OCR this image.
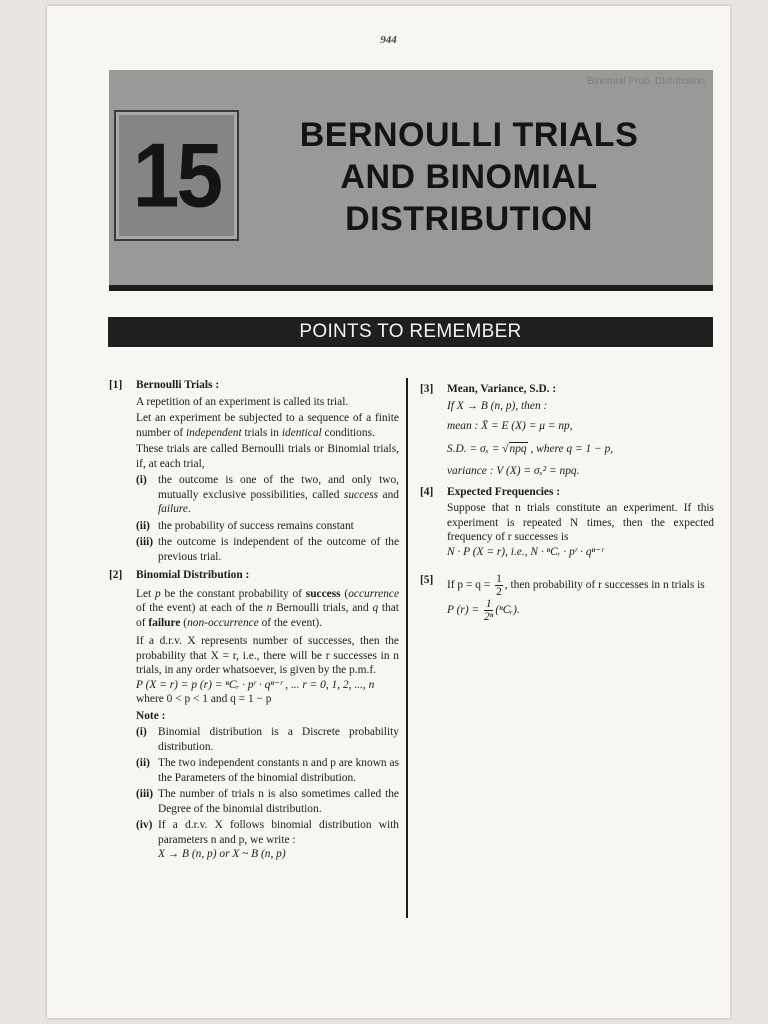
944
Binomial Prob. Distribution
15	BERNOULLI TRIALS
AND BINOMIAL
DISTRIBUTION
POINTS TO REMEMBER

[1]	Bernoulli Trials :

A repetition of an experiment is called its trial.

Let an experiment be subjected to a sequence of a finite number of independent trials in identical conditions.

These trials are called Bernoulli trials or Binomial trials, if, at each trial,

(i) the outcome is one of the two, and only two, mutually exclusive possibilities, called success and failure.
(ii) the probability of success remains constant
(iii) the outcome is independent of the outcome of the previous trial.

[2]	Binomial Distribution :

Let p be the constant probability of success (occurrence of the event) at each of the n Bernoulli trials, and q that of failure (non-occurrence of the event).

If a d.r.v. X represents number of successes, then the probability that X = r, i.e., there will be r successes in n trials, in any order whatsoever, is given by the p.m.f.

P (X = r) = p (r) = ⁿCᵣ · pʳ · qⁿ⁻ʳ , ... r = 0, 1, 2, ..., n

where 0 < p < 1 and q = 1 − p

Note :

(i) Binomial distribution is a Discrete probability distribution.
(ii) The two independent constants n and p are known as the Parameters of the binomial distribution.
(iii) The number of trials n is also sometimes called the Degree of the binomial distribution.
(iv) If a d.r.v. X follows binomial distribution with parameters n and p, we write :

X → B (n, p) or X ~ B (n, p)

[3]	Mean, Variance, S.D. :

If X → B (n, p), then :

mean : X̄ = E (X) = μ = np,

S.D. = σₓ = √npq , where q = 1 − p,

variance : V (X) = σₓ² = npq.

[4]	Expected Frequencies :

Suppose that n trials constitute an experiment. If this experiment is repeated N times, then the expected frequency of r successes is

N · P (X = r), i.e., N · ⁿCᵣ · pʳ · qⁿ⁻ʳ

[5]	If $p = q = \frac{1}{2}$ , then probability of r successes in n trials is

P $(r) = \frac{1}{\text{2ⁿ}}$ (ⁿCᵣ).
